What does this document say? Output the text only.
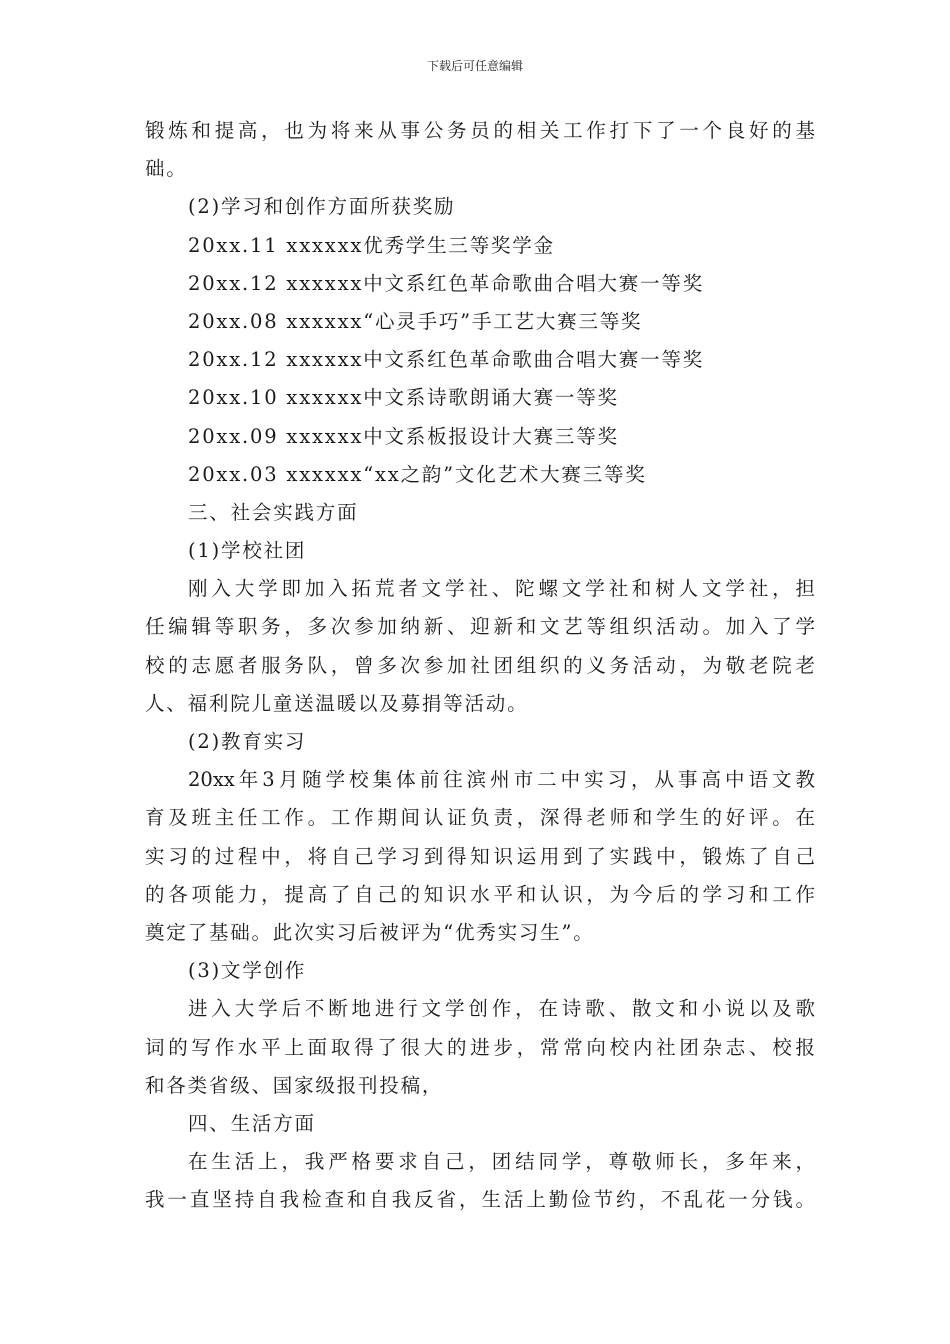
下载后可任意编辑
锻炼和提高，也为将来从事公务员的相关工作打下了一个良好的基
础。
(2)学习和创作方面所获奖励
20xx.11 xxxxxx优秀学生三等奖学金
20xx.12 xxxxxx中文系红色革命歌曲合唱大赛一等奖
20xx.08 xxxxxx“心灵手巧”手工艺大赛三等奖
20xx.12 xxxxxx中文系红色革命歌曲合唱大赛一等奖
20xx.10 xxxxxx中文系诗歌朗诵大赛一等奖
20xx.09 xxxxxx中文系板报设计大赛三等奖
20xx.03 xxxxxx“xx之韵”文化艺术大赛三等奖
三、社会实践方面
(1)学校社团
刚入大学即加入拓荒者文学社、陀螺文学社和树人文学社，担
任编辑等职务，多次参加纳新、迎新和文艺等组织活动。加入了学
校的志愿者服务队，曾多次参加社团组织的义务活动，为敬老院老
人、福利院儿童送温暖以及募捐等活动。
(2)教育实习
20xx年3月随学校集体前往滨州市二中实习，从事高中语文教
育及班主任工作。工作期间认证负责，深得老师和学生的好评。在
实习的过程中，将自己学习到得知识运用到了实践中，锻炼了自己
的各项能力，提高了自己的知识水平和认识，为今后的学习和工作
奠定了基础。此次实习后被评为“优秀实习生”。
(3)文学创作
进入大学后不断地进行文学创作，在诗歌、散文和小说以及歌
词的写作水平上面取得了很大的进步，常常向校内社团杂志、校报
和各类省级、国家级报刊投稿，
四、生活方面
在生活上，我严格要求自己，团结同学，尊敬师长，多年来，
我一直坚持自我检查和自我反省，生活上勤俭节约，不乱花一分钱。
